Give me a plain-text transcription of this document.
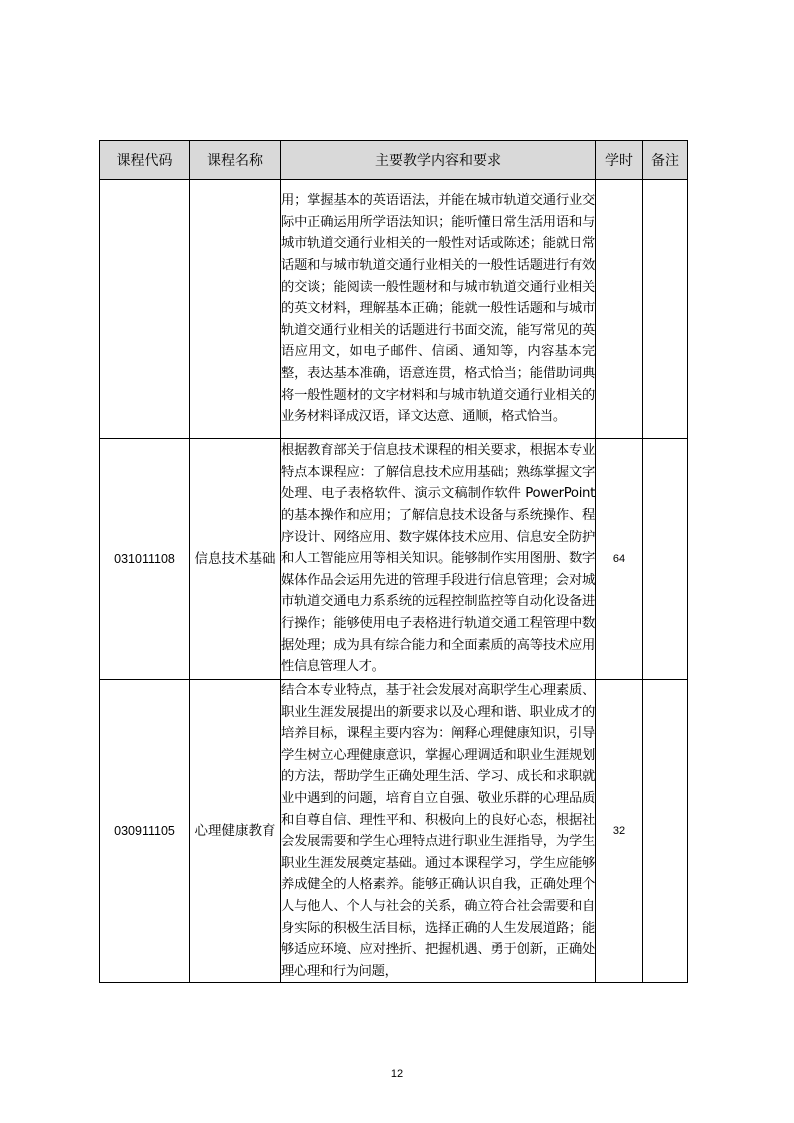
课程代码	课程名称	主要教学内容和要求	学时	备注

		用；掌握基本的英语语法，并能在城市轨道交通行业交际中正确运用所学语法知识；能听懂日常生活用语和与城市轨道交通行业相关的一般性对话或陈述；能就日常话题和与城市轨道交通行业相关的一般性话题进行有效的交谈；能阅读一般性题材和与城市轨道交通行业相关的英文材料，理解基本正确；能就一般性话题和与城市轨道交通行业相关的话题进行书面交流，能写常见的英语应用文，如电子邮件、信函、通知等，内容基本完整，表达基本准确，语意连贯，格式恰当；能借助词典将一般性题材的文字材料和与城市轨道交通行业相关的业务材料译成汉语，译文达意、通顺，格式恰当。		

031011108	信息技术基础	根据教育部关于信息技术课程的相关要求，根据本专业特点本课程应：了解信息技术应用基础；熟练掌握文字处理、电子表格软件、演示文稿制作软件 PowerPoint 的基本操作和应用；了解信息技术设备与系统操作、程序设计、网络应用、数字媒体技术应用、信息安全防护和人工智能应用等相关知识。能够制作实用图册、数字媒体作品会运用先进的管理手段进行信息管理；会对城市轨道交通电力系系统的远程控制监控等自动化设备进行操作；能够使用电子表格进行轨道交通工程管理中数据处理；成为具有综合能力和全面素质的高等技术应用性信息管理人才。	64	
030911105	心理健康教育	结合本专业特点，基于社会发展对高职学生心理素质、职业生涯发展提出的新要求以及心理和谐、职业成才的培养目标，课程主要内容为：阐释心理健康知识，引导学生树立心理健康意识，掌握心理调适和职业生涯规划的方法，帮助学生正确处理生活、学习、成长和求职就业中遇到的问题，培育自立自强、敬业乐群的心理品质和自尊自信、理性平和、积极向上的良好心态，根据社会发展需要和学生心理特点进行职业生涯指导，为学生职业生涯发展奠定基础。通过本课程学习，学生应能够养成健全的人格素养。能够正确认识自我，正确处理个人与他人、个人与社会的关系，确立符合社会需要和自身实际的积极生活目标，选择正确的人生发展道路；能够适应环境、应对挫折、把握机遇、勇于创新，正确处理心理和行为问题，	32	
12
